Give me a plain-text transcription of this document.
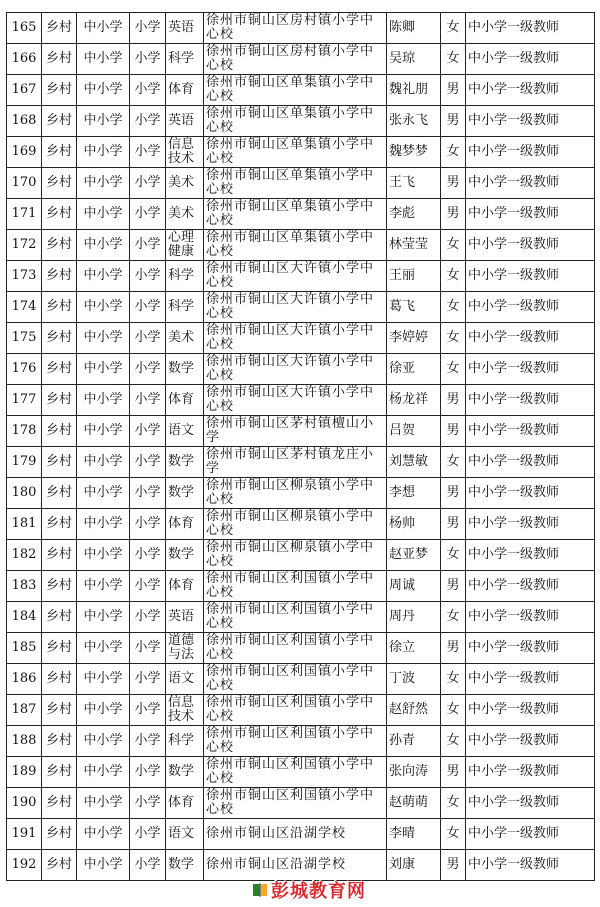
165	乡村	中小学	小学	英语	徐州市铜山区房村镇小学中心校	陈卿	女	中小学一级教师
166	乡村	中小学	小学	科学	徐州市铜山区房村镇小学中心校	吴琼	女	中小学一级教师
167	乡村	中小学	小学	体育	徐州市铜山区单集镇小学中心校	魏礼朋	男	中小学一级教师
168	乡村	中小学	小学	英语	徐州市铜山区单集镇小学中心校	张永飞	男	中小学一级教师
169	乡村	中小学	小学	信息技术	徐州市铜山区单集镇小学中心校	魏梦梦	女	中小学一级教师
170	乡村	中小学	小学	美术	徐州市铜山区单集镇小学中心校	王飞	男	中小学一级教师
171	乡村	中小学	小学	美术	徐州市铜山区单集镇小学中心校	李彪	男	中小学一级教师
172	乡村	中小学	小学	心理健康	徐州市铜山区单集镇小学中心校	林莹莹	女	中小学一级教师
173	乡村	中小学	小学	科学	徐州市铜山区大许镇小学中心校	王丽	女	中小学一级教师
174	乡村	中小学	小学	科学	徐州市铜山区大许镇小学中心校	葛飞	女	中小学一级教师
175	乡村	中小学	小学	美术	徐州市铜山区大许镇小学中心校	李婷婷	女	中小学一级教师
176	乡村	中小学	小学	数学	徐州市铜山区大许镇小学中心校	徐亚	女	中小学一级教师
177	乡村	中小学	小学	体育	徐州市铜山区大许镇小学中心校	杨龙祥	男	中小学一级教师
178	乡村	中小学	小学	语文	徐州市铜山区茅村镇檀山小学	吕贺	男	中小学一级教师
179	乡村	中小学	小学	数学	徐州市铜山区茅村镇龙庄小学	刘慧敏	女	中小学一级教师
180	乡村	中小学	小学	数学	徐州市铜山区柳泉镇小学中心校	李想	男	中小学一级教师
181	乡村	中小学	小学	体育	徐州市铜山区柳泉镇小学中心校	杨帅	男	中小学一级教师
182	乡村	中小学	小学	数学	徐州市铜山区柳泉镇小学中心校	赵亚梦	女	中小学一级教师
183	乡村	中小学	小学	体育	徐州市铜山区利国镇小学中心校	周诚	男	中小学一级教师
184	乡村	中小学	小学	英语	徐州市铜山区利国镇小学中心校	周丹	女	中小学一级教师
185	乡村	中小学	小学	道德与法	徐州市铜山区利国镇小学中心校	徐立	男	中小学一级教师
186	乡村	中小学	小学	语文	徐州市铜山区利国镇小学中心校	丁波	女	中小学一级教师
187	乡村	中小学	小学	信息技术	徐州市铜山区利国镇小学中心校	赵舒然	女	中小学一级教师
188	乡村	中小学	小学	科学	徐州市铜山区利国镇小学中心校	孙青	女	中小学一级教师
189	乡村	中小学	小学	数学	徐州市铜山区利国镇小学中心校	张向涛	男	中小学一级教师
190	乡村	中小学	小学	体育	徐州市铜山区利国镇小学中心校	赵萌萌	女	中小学一级教师
191	乡村	中小学	小学	语文	徐州市铜山区沿湖学校	李晴	女	中小学一级教师
192	乡村	中小学	小学	数学	徐州市铜山区沿湖学校	刘康	男	中小学一级教师
彭城教育网
